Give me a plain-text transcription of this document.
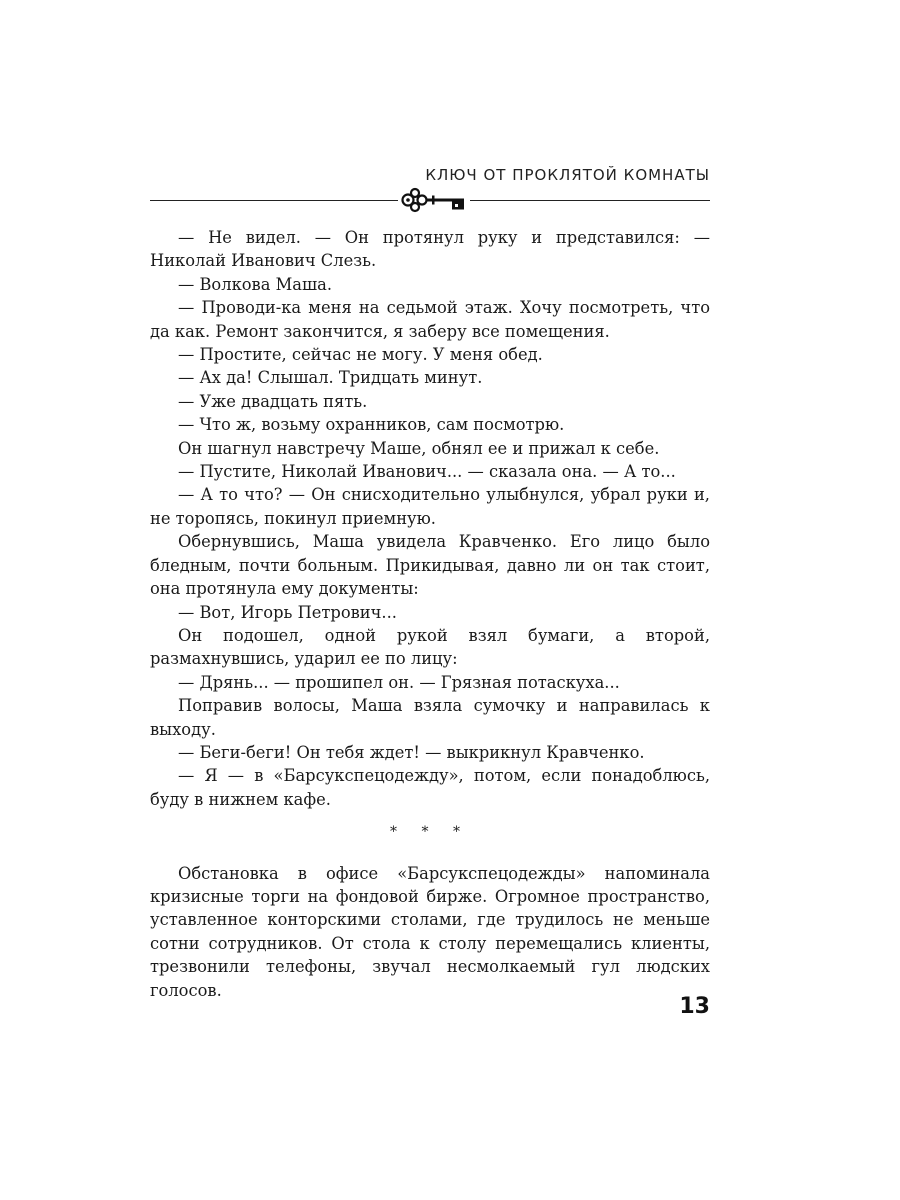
КЛЮЧ ОТ ПРОКЛЯТОЙ КОМНАТЫ

— Не видел. — Он протянул руку и представился: — Николай Иванович Слезь.

— Волкова Маша.

— Проводи-ка меня на седьмой этаж. Хочу посмотреть, что да как. Ремонт закончится, я заберу все помещения.

— Простите, сейчас не могу. У меня обед.

— Ах да! Слышал. Тридцать минут.

— Уже двадцать пять.

— Что ж, возьму охранников, сам посмотрю.

Он шагнул навстречу Маше, обнял ее и прижал к себе.

— Пустите, Николай Иванович... — сказала она. — А то...

— А то что? — Он снисходительно улыбнулся, убрал руки и, не торопясь, покинул приемную.

Обернувшись, Маша увидела Кравченко. Его лицо было бледным, почти больным. Прикидывая, давно ли он так стоит, она протянула ему документы:

— Вот, Игорь Петрович...

Он подошел, одной рукой взял бумаги, а второй, размахнувшись, ударил ее по лицу:

— Дрянь... — прошипел он. — Грязная потаскуха...

Поправив волосы, Маша взяла сумочку и направилась к выходу.

— Беги-беги! Он тебя ждет! — выкрикнул Кравченко.

— Я — в «Барсукспецодежду», потом, если понадоблюсь, буду в нижнем кафе.

* * *

Обстановка в офисе «Барсукспецодежды» напоминала кризисные торги на фондовой бирже. Огромное пространство, уставленное конторскими столами, где трудилось не меньше сотни сотрудников. От стола к столу перемещались клиенты, трезвонили телефоны, звучал несмолкаемый гул людских голосов.

13
